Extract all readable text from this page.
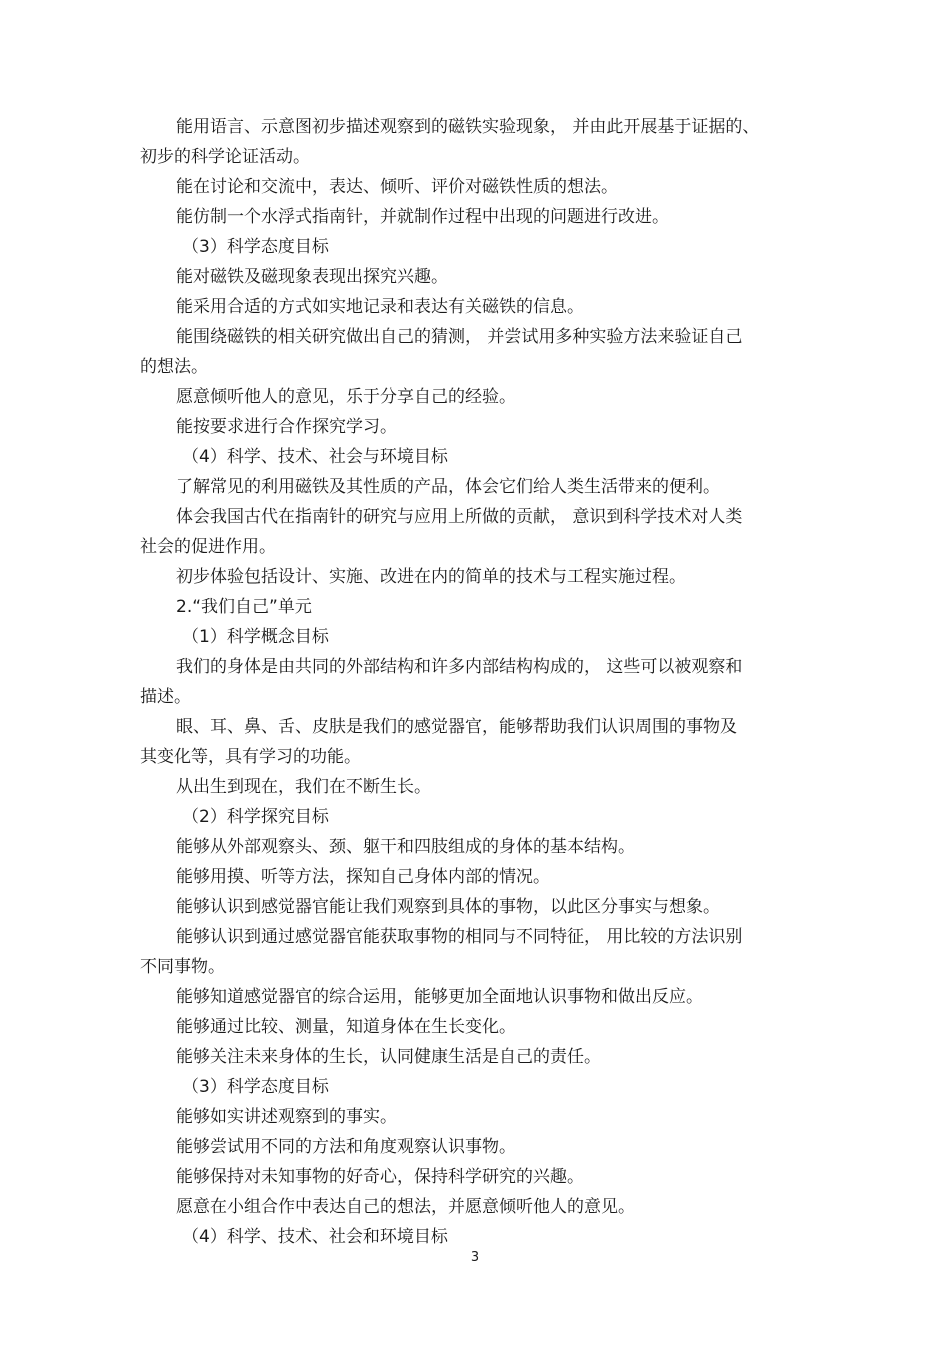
能用语言、示意图初步描述观察到的磁铁实验现象， 并由此开展基于证据的、
初步的科学论证活动。
能在讨论和交流中，表达、倾听、评价对磁铁性质的想法。
能仿制一个水浮式指南针，并就制作过程中出现的问题进行改进。
（3）科学态度目标
能对磁铁及磁现象表现出探究兴趣。
能采用合适的方式如实地记录和表达有关磁铁的信息。
能围绕磁铁的相关研究做出自己的猜测， 并尝试用多种实验方法来验证自己
的想法。
愿意倾听他人的意见，乐于分享自己的经验。
能按要求进行合作探究学习。
（4）科学、技术、社会与环境目标
了解常见的利用磁铁及其性质的产品，体会它们给人类生活带来的便利。
体会我国古代在指南针的研究与应用上所做的贡献， 意识到科学技术对人类
社会的促进作用。
初步体验包括设计、实施、改进在内的简单的技术与工程实施过程。
2.“我们自己”单元
（1）科学概念目标
我们的身体是由共同的外部结构和许多内部结构构成的， 这些可以被观察和
描述。
眼、耳、鼻、舌、皮肤是我们的感觉器官，能够帮助我们认识周围的事物及
其变化等，具有学习的功能。
从出生到现在，我们在不断生长。
（2）科学探究目标
能够从外部观察头、颈、躯干和四肢组成的身体的基本结构。
能够用摸、听等方法，探知自己身体内部的情况。
能够认识到感觉器官能让我们观察到具体的事物，以此区分事实与想象。
能够认识到通过感觉器官能获取事物的相同与不同特征， 用比较的方法识别
不同事物。
能够知道感觉器官的综合运用，能够更加全面地认识事物和做出反应。
能够通过比较、测量，知道身体在生长变化。
能够关注未来身体的生长，认同健康生活是自己的责任。
（3）科学态度目标
能够如实讲述观察到的事实。
能够尝试用不同的方法和角度观察认识事物。
能够保持对未知事物的好奇心，保持科学研究的兴趣。
愿意在小组合作中表达自己的想法，并愿意倾听他人的意见。
（4）科学、技术、社会和环境目标
3
